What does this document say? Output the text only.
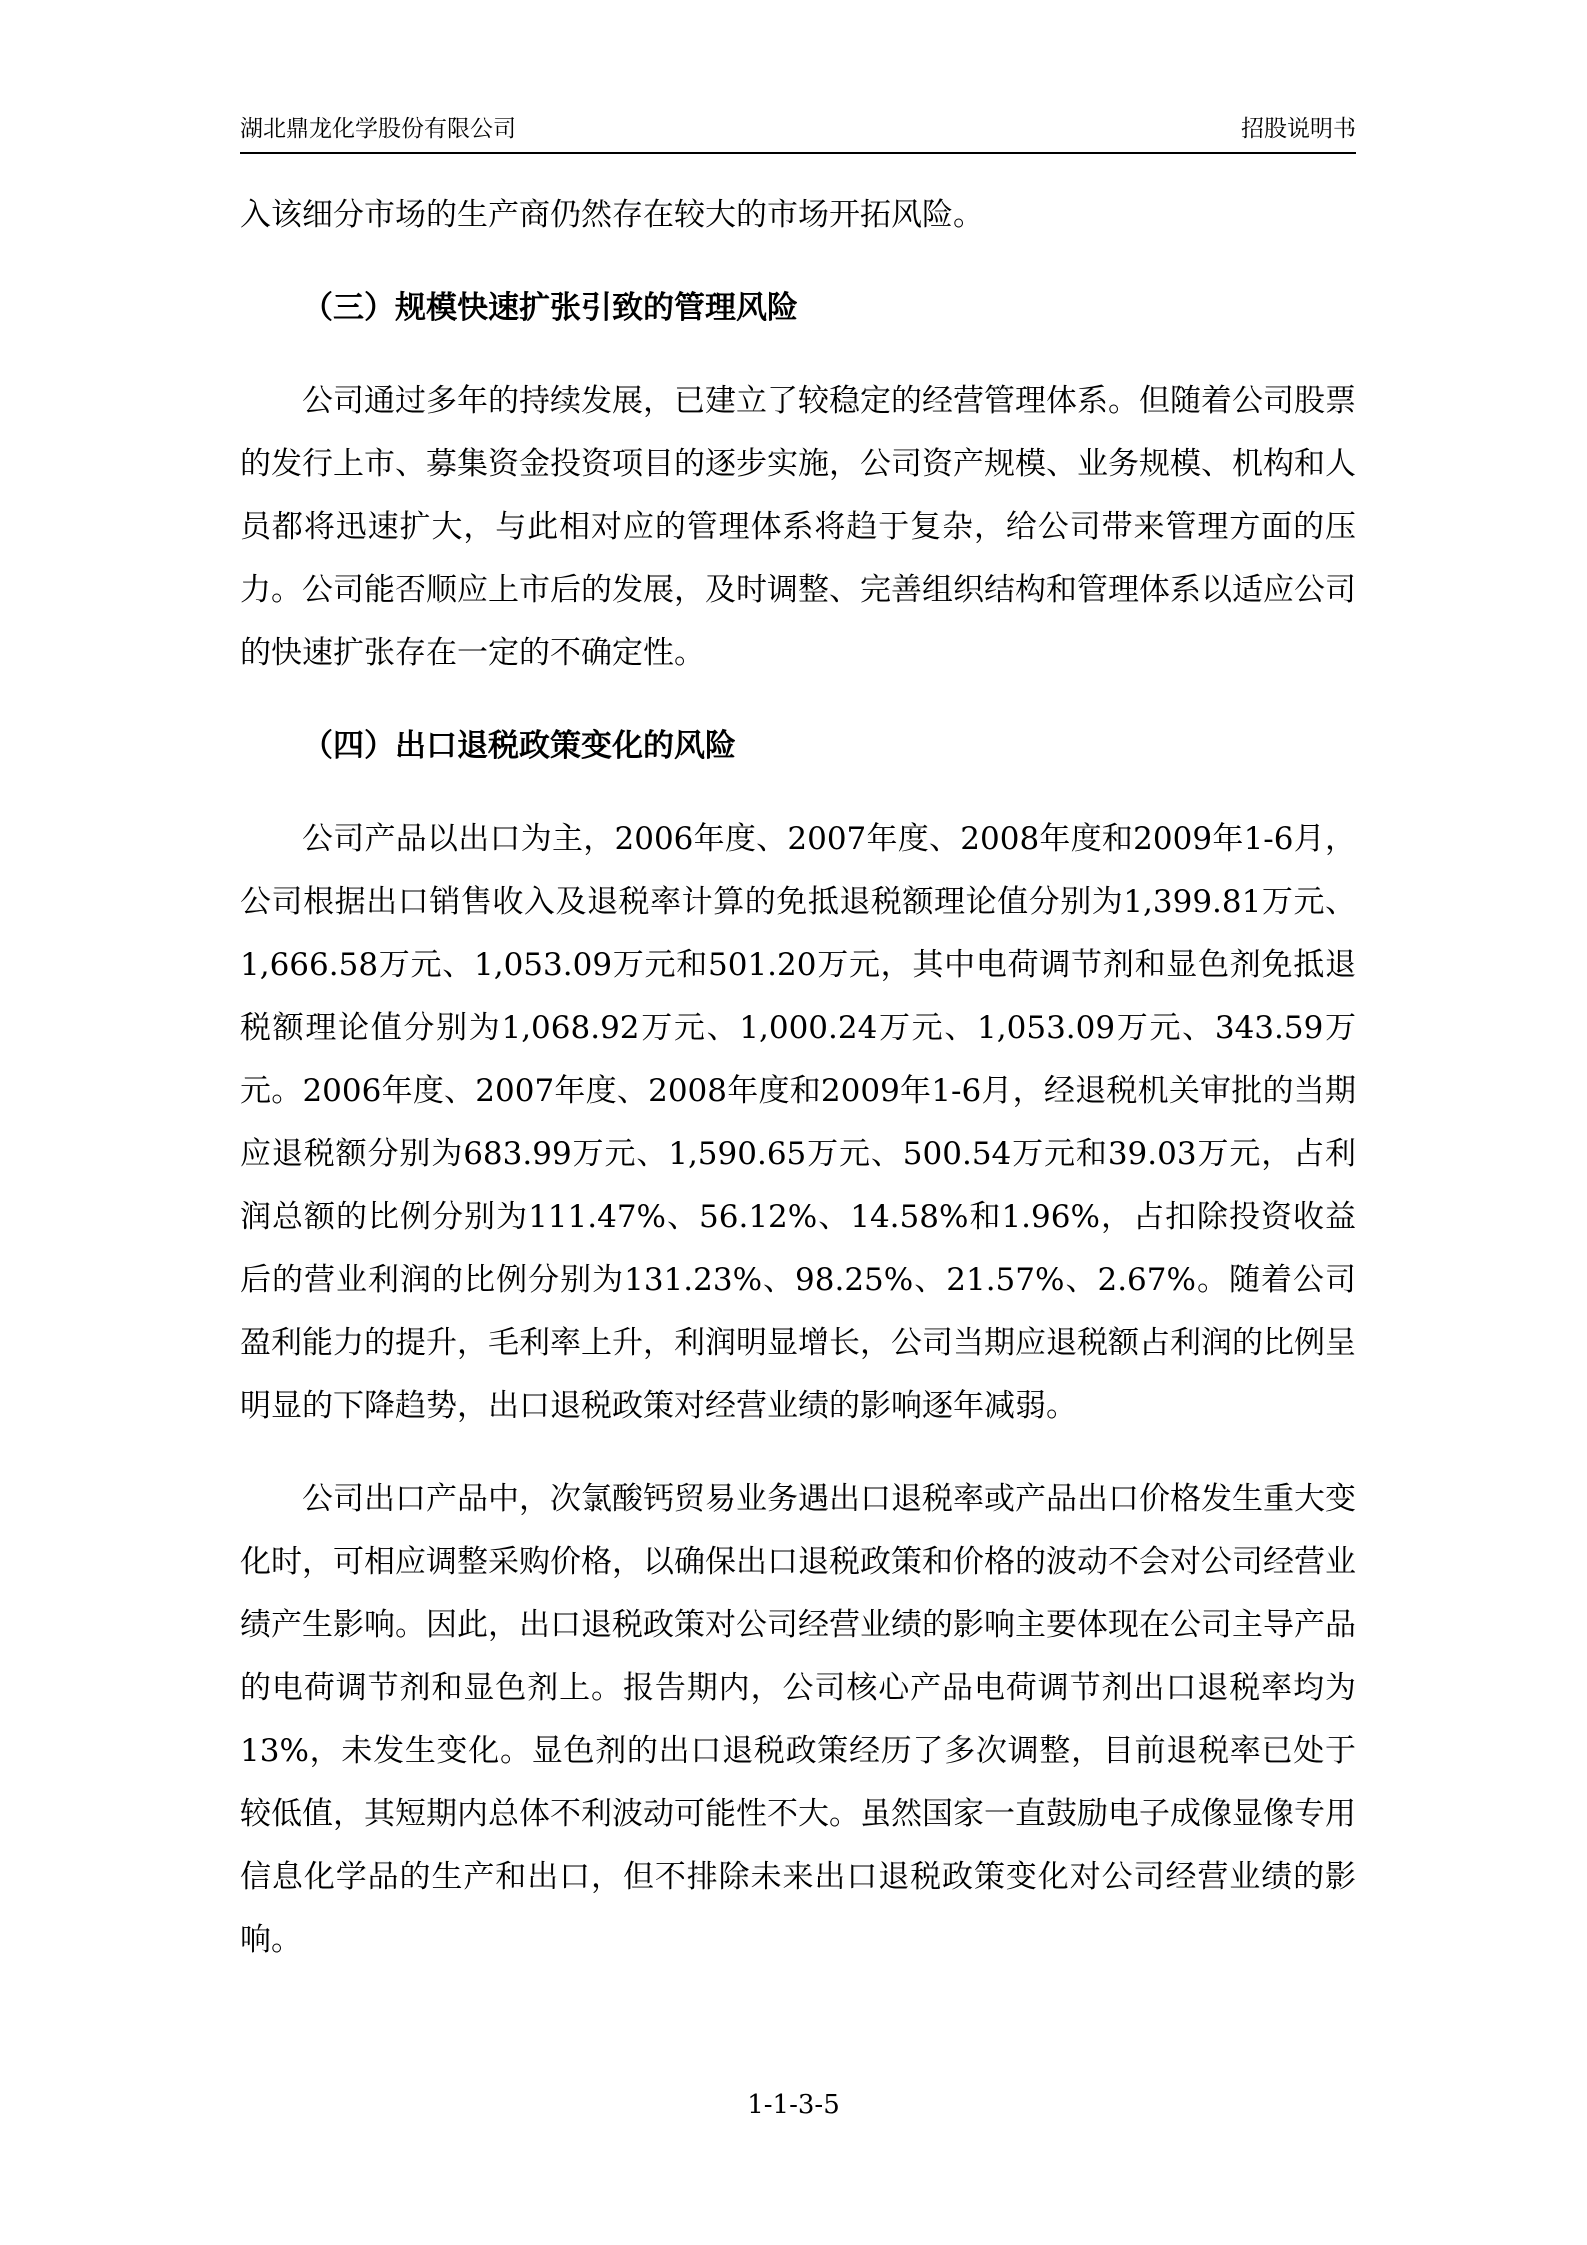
湖北鼎龙化学股份有限公司	招股说明书

入该细分市场的生产商仍然存在较大的市场开拓风险。

（三）规模快速扩张引致的管理风险

公司通过多年的持续发展，已建立了较稳定的经营管理体系。但随着公司股票的发行上市、募集资金投资项目的逐步实施，公司资产规模、业务规模、机构和人员都将迅速扩大，与此相对应的管理体系将趋于复杂，给公司带来管理方面的压力。公司能否顺应上市后的发展，及时调整、完善组织结构和管理体系以适应公司的快速扩张存在一定的不确定性。

（四）出口退税政策变化的风险

公司产品以出口为主，2006年度、2007年度、2008年度和2009年1-6月，公司根据出口销售收入及退税率计算的免抵退税额理论值分别为1,399.81万元、1,666.58万元、1,053.09万元和501.20万元，其中电荷调节剂和显色剂免抵退税额理论值分别为1,068.92万元、1,000.24万元、1,053.09万元、343.59万元。2006年度、2007年度、2008年度和2009年1-6月，经退税机关审批的当期应退税额分别为683.99万元、1,590.65万元、500.54万元和39.03万元，占利润总额的比例分别为111.47%、56.12%、14.58%和1.96%，占扣除投资收益后的营业利润的比例分别为131.23%、98.25%、21.57%、2.67%。随着公司盈利能力的提升，毛利率上升，利润明显增长，公司当期应退税额占利润的比例呈明显的下降趋势，出口退税政策对经营业绩的影响逐年减弱。

公司出口产品中，次氯酸钙贸易业务遇出口退税率或产品出口价格发生重大变化时，可相应调整采购价格，以确保出口退税政策和价格的波动不会对公司经营业绩产生影响。因此，出口退税政策对公司经营业绩的影响主要体现在公司主导产品的电荷调节剂和显色剂上。报告期内，公司核心产品电荷调节剂出口退税率均为13%，未发生变化。显色剂的出口退税政策经历了多次调整，目前退税率已处于较低值，其短期内总体不利波动可能性不大。虽然国家一直鼓励电子成像显像专用信息化学品的生产和出口，但不排除未来出口退税政策变化对公司经营业绩的影响。

1-1-3-5
